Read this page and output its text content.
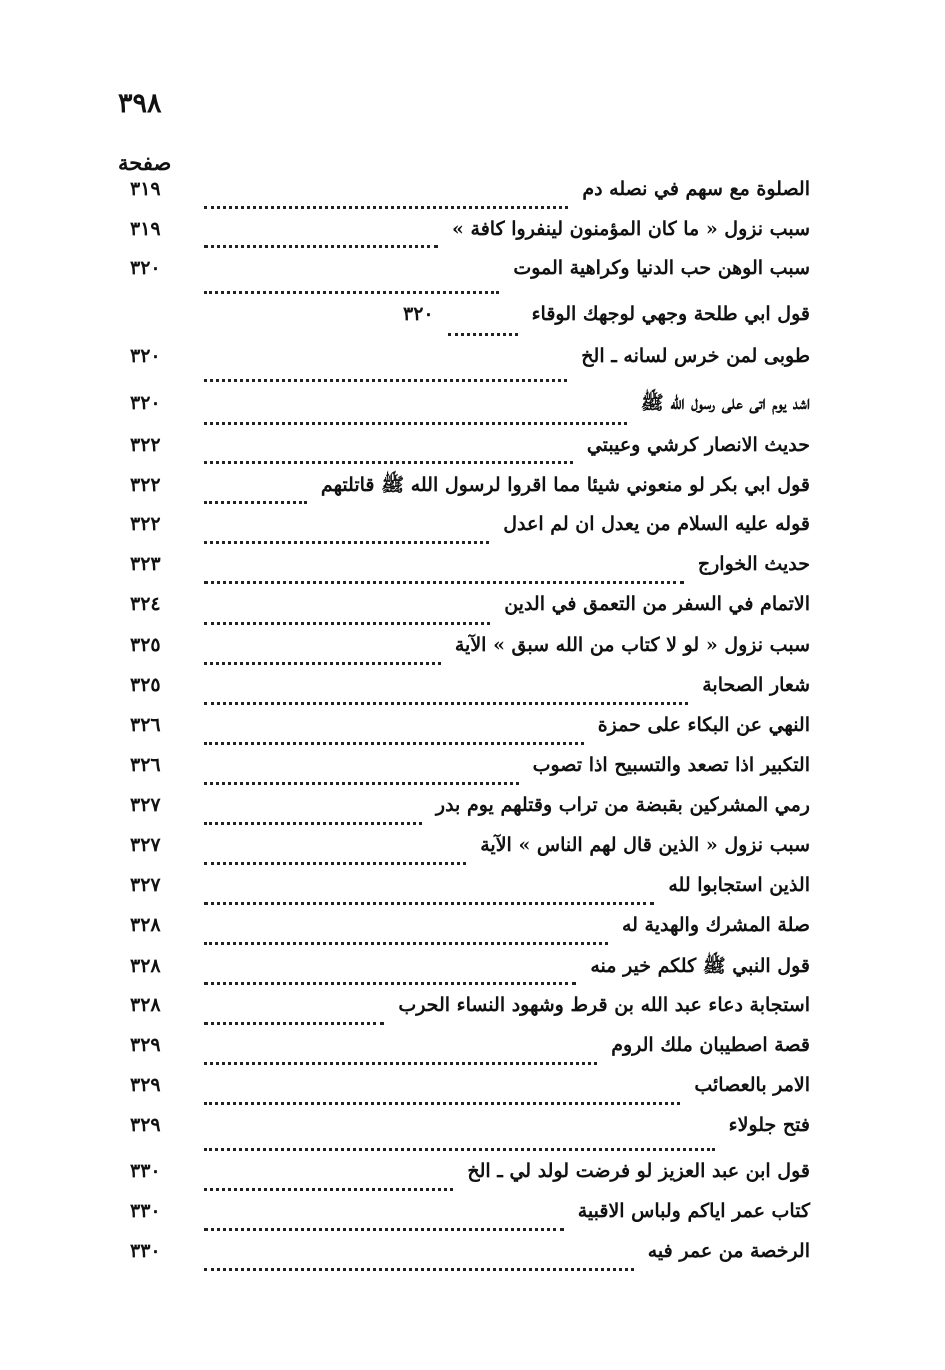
٣٩٨
صفحة
الصلوة مع سهم في نصله دم
٣١٩
سبب نزول « ما كان المؤمنون لينفروا كافة »
٣١٩
سبب الوهن حب الدنيا وكراهية الموت
٣٢٠
قول ابي طلحة وجهي لوجهك الوقاء
٣٢٠
طوبى لمن خرس لسانه ـ الخ
٣٢٠
اشد يوم اتى على رسول الله ﷺ
٣٢٠
حديث الانصار كرشي وعيبتي
٣٢٢
قول ابي بكر لو منعوني شيئا مما اقروا لرسول الله ﷺ قاتلتهم
٣٢٢
قوله عليه السلام من يعدل ان لم اعدل
٣٢٢
حديث الخوارج
٣٢٣
الاتمام في السفر من التعمق في الدين
٣٢٤
سبب نزول « لو لا كتاب من الله سبق » الآية
٣٢٥
شعار الصحابة
٣٢٥
النهي عن البكاء على حمزة
٣٢٦
التكبير اذا تصعد والتسبيح اذا تصوب
٣٢٦
رمي المشركين بقبضة من تراب وقتلهم يوم بدر
٣٢٧
سبب نزول « الذين قال لهم الناس » الآية
٣٢٧
الذين استجابوا لله
٣٢٧
صلة المشرك والهدية له
٣٢٨
قول النبي ﷺ كلكم خير منه
٣٢٨
استجابة دعاء عبد الله بن قرط وشهود النساء الحرب
٣٢٨
قصة اصطيبان ملك الروم
٣٢٩
الامر بالعصائب
٣٢٩
فتح جلولاء
٣٢٩
قول ابن عبد العزيز لو فرضت لولد لي ـ الخ
٣٣٠
كتاب عمر اياكم ولباس الاقبية
٣٣٠
الرخصة من عمر فيه
٣٣٠
